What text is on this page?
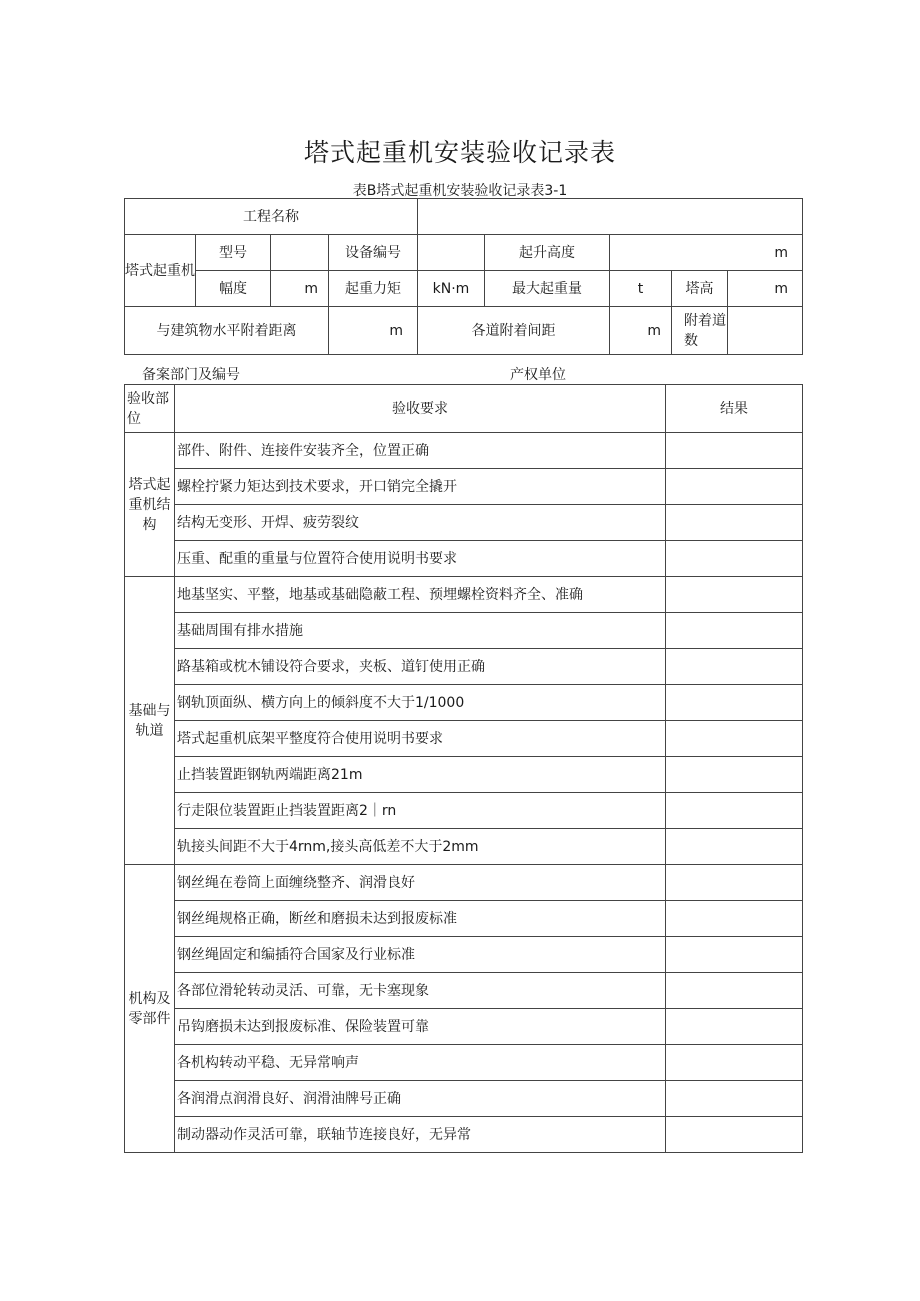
塔式起重机安装验收记录表
表B塔式起重机安装验收记录表3-1
工程名称								
塔式起重机	型号		设备编号		起升高度	m		
	幅度	m	起重力矩	kN·m	最大起重量	t	塔高	m
与建筑物水平附着距离			m	各道附着间距		m	附着道数	
备案部门及编号	产权单位
验收部位	验收要求	结果
塔式起重机结构	部件、附件、连接件安装齐全，位置正确	
	螺栓拧紧力矩达到技术要求，开口销完全撬开	
	结构无变形、开焊、疲劳裂纹	
	压重、配重的重量与位置符合使用说明书要求	
基础与轨道	地基坚实、平整，地基或基础隐蔽工程、预埋螺栓资料齐全、准确	
	基础周围有排水措施	
	路基箱或枕木铺设符合要求，夹板、道钉使用正确	
	钢轨顶面纵、横方向上的倾斜度不大于1/1000	
	塔式起重机底架平整度符合使用说明书要求	
	止挡装置距钢轨两端距离21m	
	行走限位装置距止挡装置距离2｜rn	
	轨接头间距不大于4rnm,接头高低差不大于2mm	
机构及零部件	钢丝绳在卷筒上面缠绕整齐、润滑良好	
	钢丝绳规格正确，断丝和磨损未达到报废标准	
	钢丝绳固定和编插符合国家及行业标准	
	各部位滑轮转动灵活、可靠，无卡塞现象	
	吊钩磨损未达到报废标准、保险装置可靠	
	各机构转动平稳、无异常响声	
	各润滑点润滑良好、润滑油牌号正确	
	制动器动作灵活可靠，联轴节连接良好，无异常	
